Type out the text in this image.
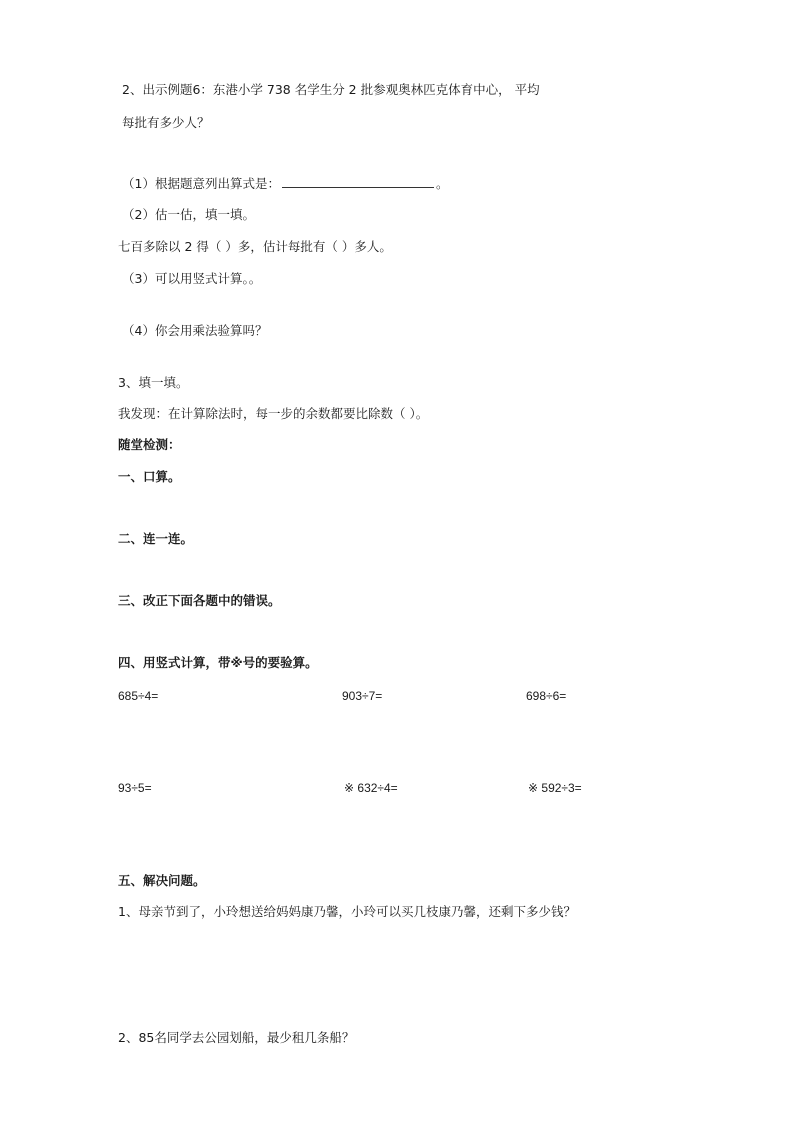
2、出示例题6：东港小学 738 名学生分 2 批参观奥林匹克体育中心， 平均
每批有多少人？
（1）根据题意列出算式是：	。
（2）估一估，填一填。
七百多除以 2 得（ ）多，估计每批有（ ）多人。
（3）可以用竖式计算。。
（4）你会用乘法验算吗？
3、填一填。
我发现：在计算除法时，每一步的余数都要比除数（ ）。
随堂检测：
一、口算。
二、连一连。
三、改正下面各题中的错误。
四、用竖式计算，带※号的要验算。
685÷4=	903÷7=	698÷6=
93÷5=	※ 632÷4=	※ 592÷3=
五、解决问题。
1、母亲节到了，小玲想送给妈妈康乃馨，小玲可以买几枝康乃馨，还剩下多少钱？
2、85名同学去公园划船，最少租几条船？
